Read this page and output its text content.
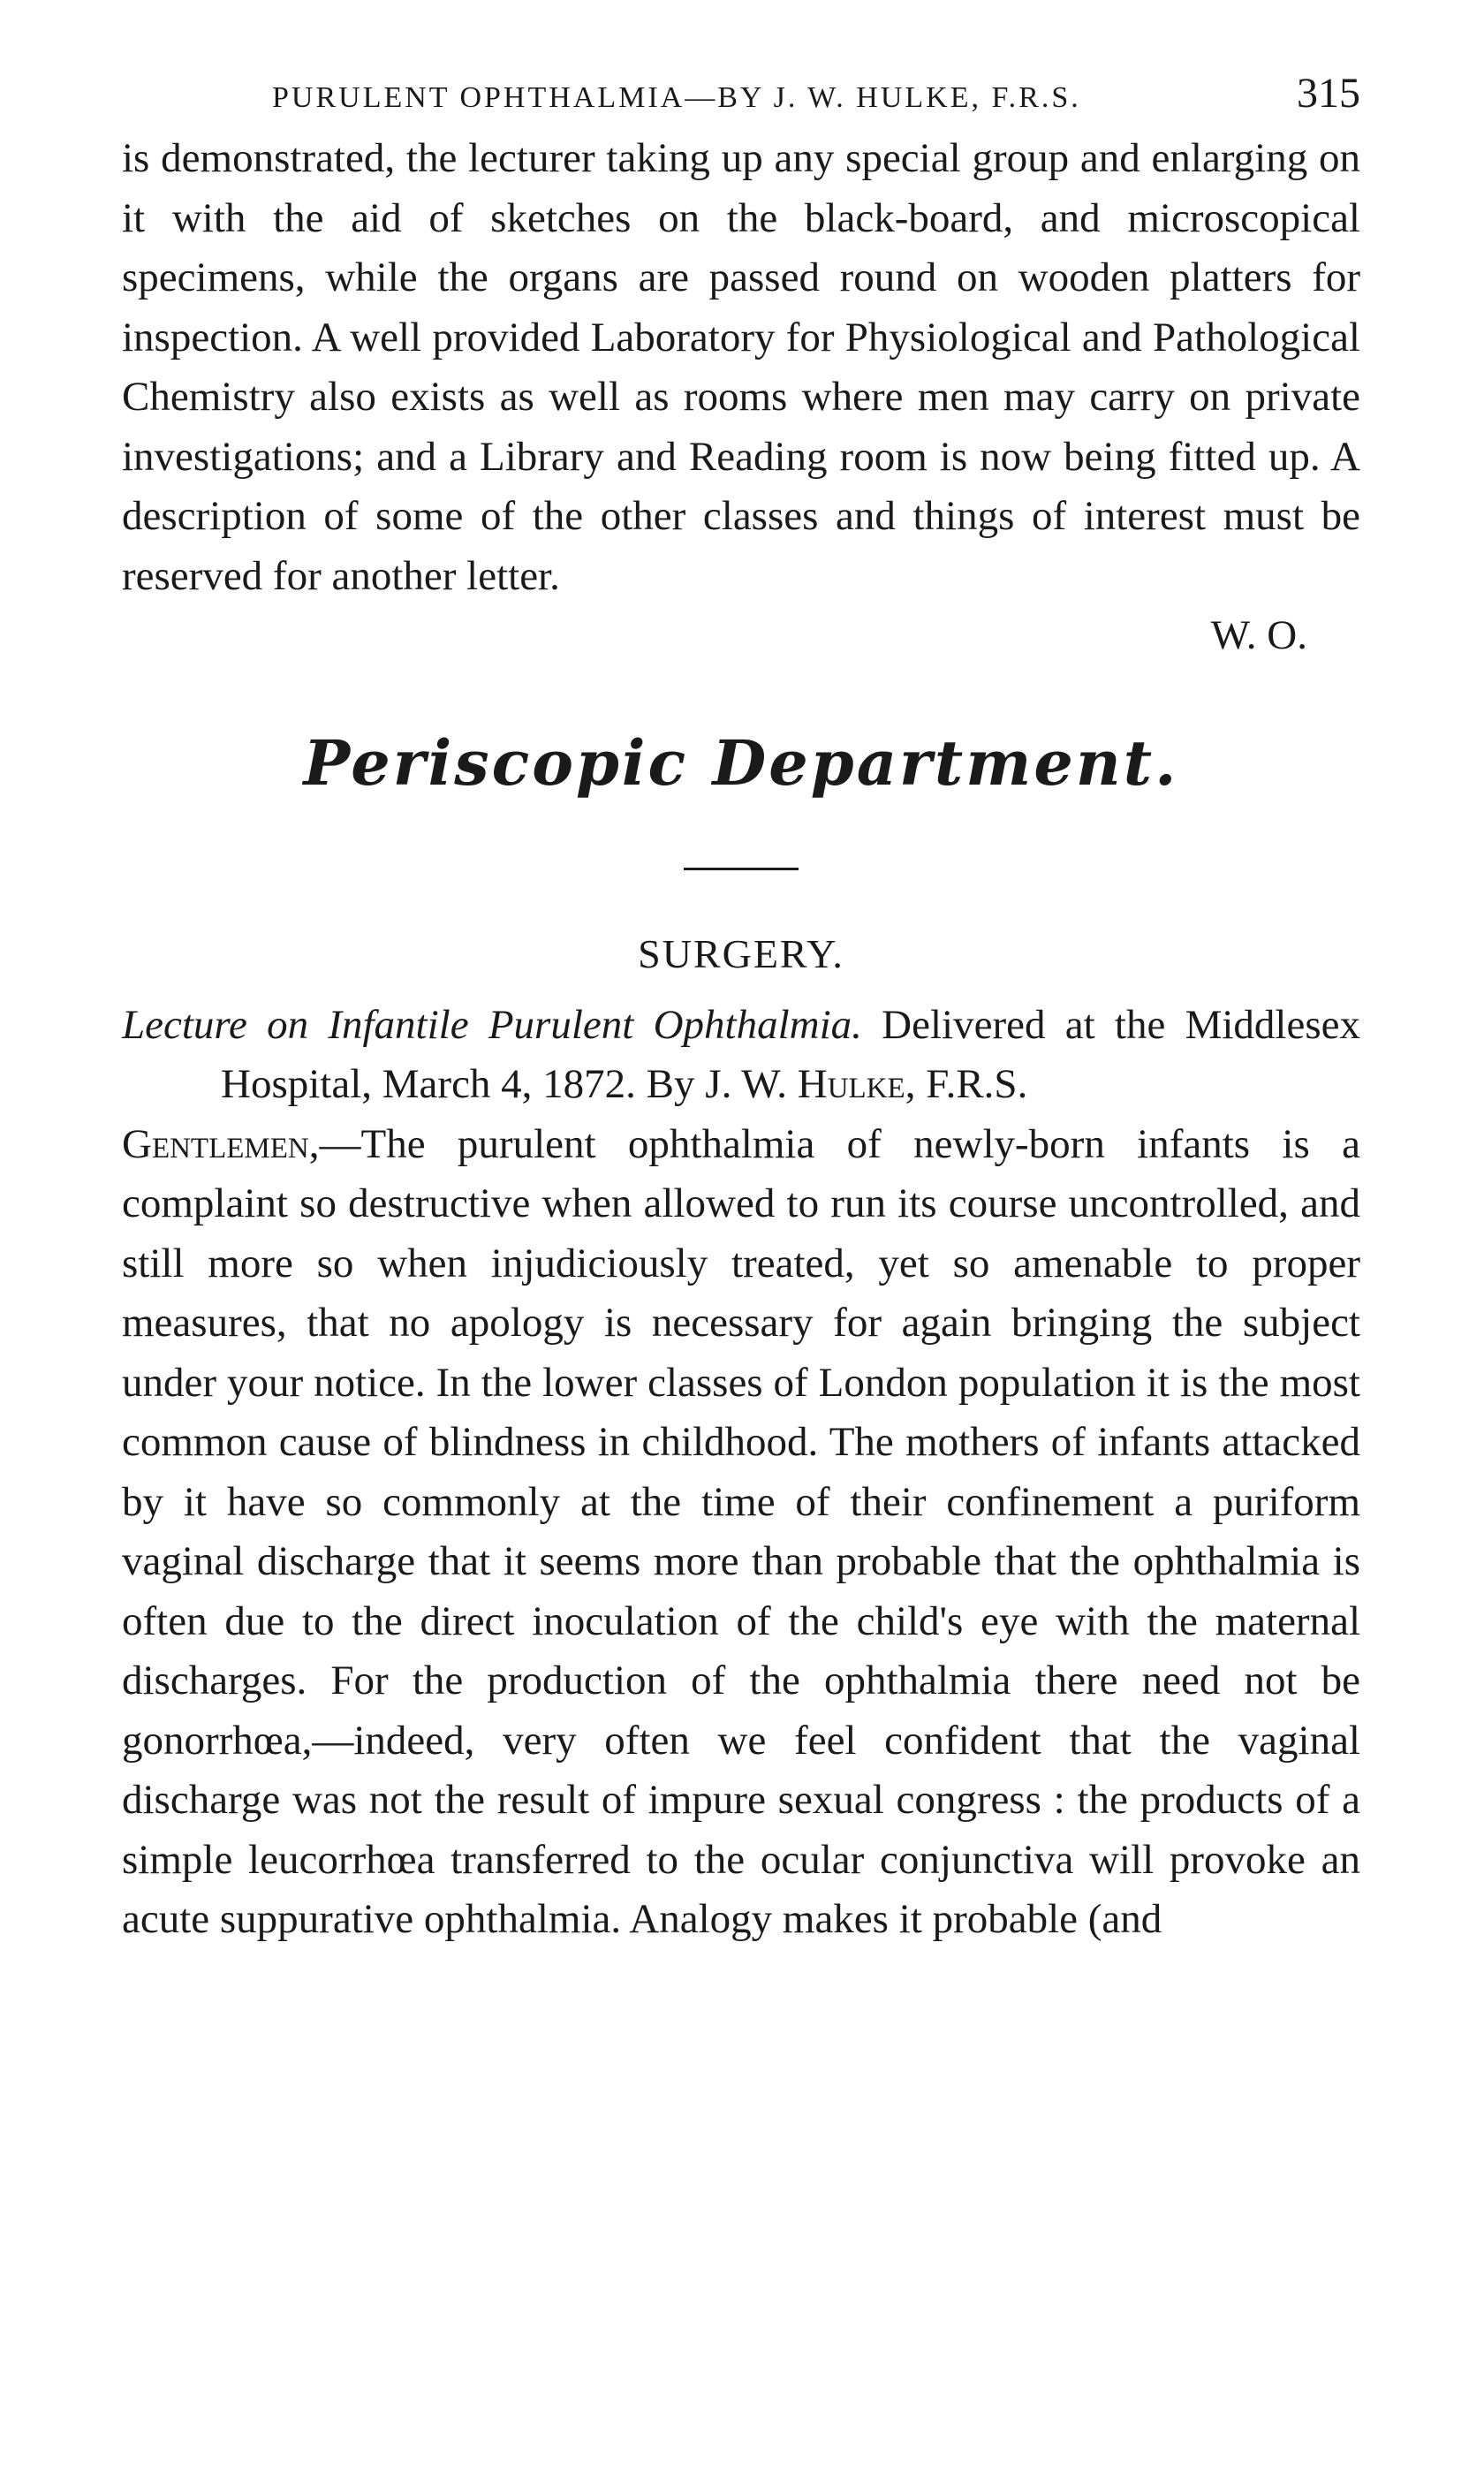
PURULENT OPHTHALMIA—BY J. W. HULKE, F.R.S.	315

is demonstrated, the lecturer taking up any special group and enlarging on it with the aid of sketches on the black-board, and microscopical specimens, while the organs are passed round on wooden platters for inspection. A well provided Laboratory for Physiological and Pathological Chemistry also exists as well as rooms where men may carry on private investigations; and a Library and Reading room is now being fitted up. A description of some of the other classes and things of interest must be reserved for another letter.

W. O.

Periscopic Department.
SURGERY.

Lecture on Infantile Purulent Ophthalmia. Delivered at the Middlesex Hospital, March 4, 1872. By J. W. Hulke, F.R.S.

Gentlemen,—The purulent ophthalmia of newly-born infants is a complaint so destructive when allowed to run its course uncontrolled, and still more so when injudiciously treated, yet so amenable to proper measures, that no apology is necessary for again bringing the subject under your notice. In the lower classes of London population it is the most common cause of blindness in childhood. The mothers of infants attacked by it have so commonly at the time of their confinement a puriform vaginal discharge that it seems more than probable that the ophthalmia is often due to the direct inoculation of the child's eye with the maternal discharges. For the production of the ophthalmia there need not be gonorrhœa,—indeed, very often we feel confident that the vaginal discharge was not the result of impure sexual congress : the products of a simple leucorrhœa transferred to the ocular conjunctiva will provoke an acute suppurative ophthalmia. Analogy makes it probable (and
